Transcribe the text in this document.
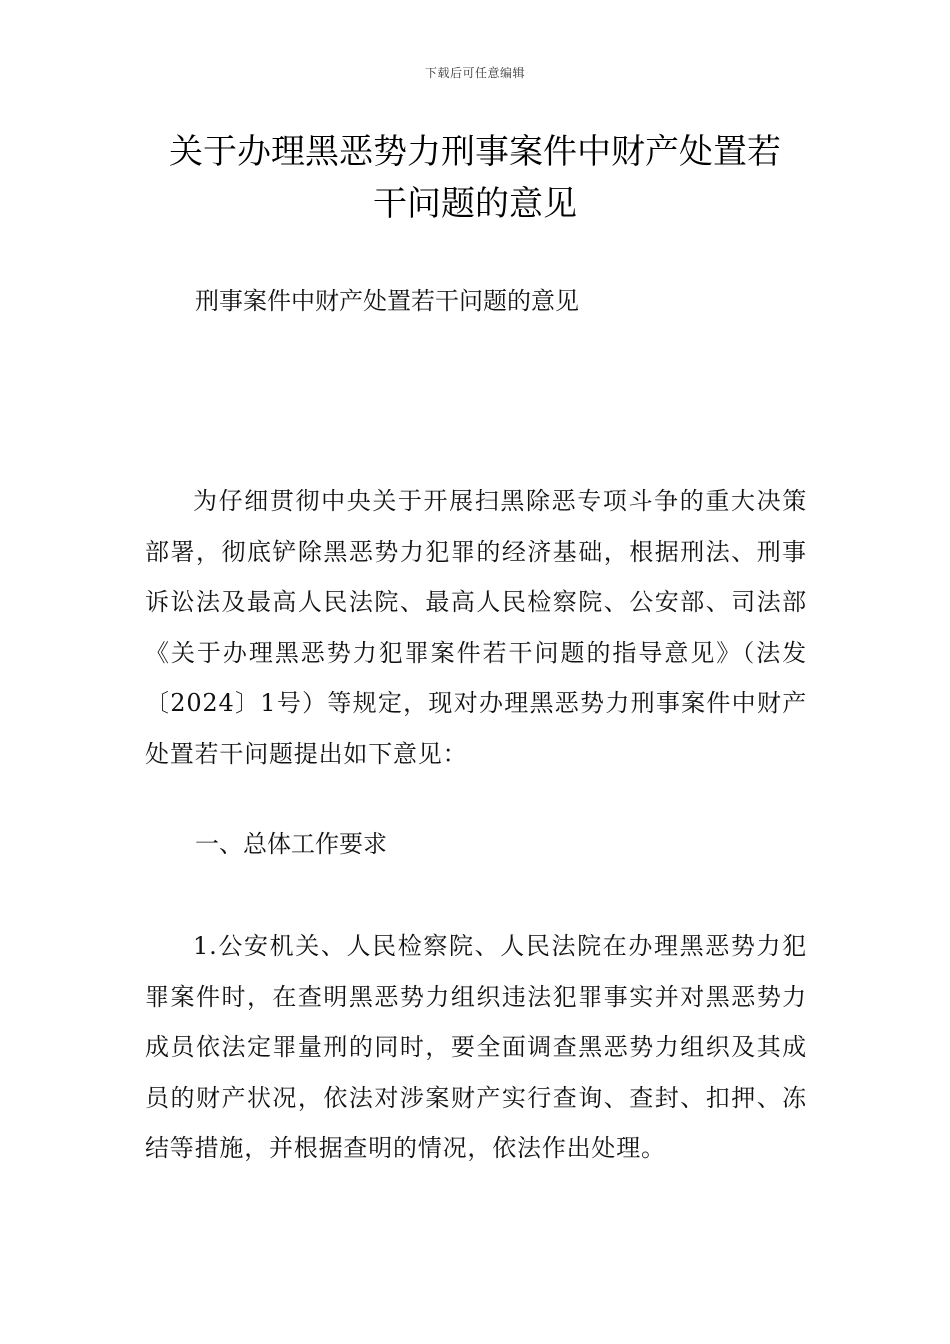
下载后可任意编辑
关于办理黑恶势力刑事案件中财产处置若
干问题的意见

刑事案件中财产处置若干问题的意见

为仔细贯彻中央关于开展扫黑除恶专项斗争的重大决策部署，彻底铲除黑恶势力犯罪的经济基础，根据刑法、刑事诉讼法及最高人民法院、最高人民检察院、公安部、司法部《关于办理黑恶势力犯罪案件若干问题的指导意见》（法发〔2024〕1号）等规定，现对办理黑恶势力刑事案件中财产处置若干问题提出如下意见：

一、总体工作要求

1.公安机关、人民检察院、人民法院在办理黑恶势力犯罪案件时，在查明黑恶势力组织违法犯罪事实并对黑恶势力成员依法定罪量刑的同时，要全面调查黑恶势力组织及其成员的财产状况，依法对涉案财产实行查询、查封、扣押、冻结等措施，并根据查明的情况，依法作出处理。
